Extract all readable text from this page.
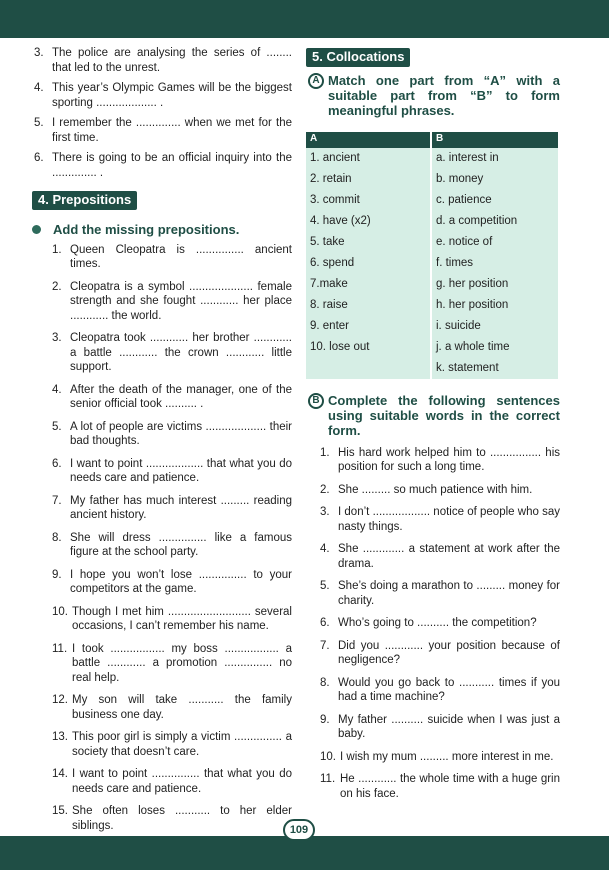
3. The police are analysing the series of ........ that led to the unrest.
4. This year’s Olympic Games will be the biggest sporting ................... .
5. I remember the .............. when we met for the first time.
6. There is going to be an official inquiry into the .............. .
4. Prepositions
Add the missing prepositions.
1. Queen Cleopatra is ............... ancient times.
2. Cleopatra is a symbol .................... female strength and she fought ............ her place ............ the world.
3. Cleopatra took ............ her brother ............ a battle ............ the crown ............ little support.
4. After the death of the manager, one of the senior official took .......... .
5. A lot of people are victims ................... their bad thoughts.
6. I want to point .................. that what you do needs care and patience.
7. My father has much interest ......... reading ancient history.
8. She will dress ............... like a famous figure at the school party.
9. I hope you won’t lose ............... to your competitors at the game.
10. Though I met him .......................... several occasions, I can’t remember his name.
11. I took ................. my boss ................. a battle ............ a promotion ............... no real help.
12. My son will take ........... the family business one day.
13. This poor girl is simply a victim ............... a society that doesn’t care.
14. I want to point ............... that what you do needs care and patience.
15. She often loses ........... to her elder siblings.
5. Collocations
A Match one part from “A” with a suitable part from “B” to form meaningful phrases.
A	B
1. ancient	a. interest in
2. retain	b. money
3. commit	c. patience
4. have (x2)	d. a competition
5. take	e. notice of
6. spend	f. times
7.make	g. her position
8. raise	h. her position
9. enter	i. suicide
10. lose out	j. a whole time
	k. statement
B Complete the following sentences using suitable words in the correct form.
1. His hard work helped him to ................ his position for such a long time.
2. She ......... so much patience with him.
3. I don’t .................. notice of people who say nasty things.
4. She ............. a statement at work after the drama.
5. She’s doing a marathon to ......... money for charity.
6. Who’s going to .......... the competition?
7. Did you ............ your position because of negligence?
8. Would you go back to ........... times if you had a time machine?
9. My father .......... suicide when I was just a baby.
10. I wish my mum ......... more interest in me.
11. He ............ the whole time with a huge grin on his face.
109
